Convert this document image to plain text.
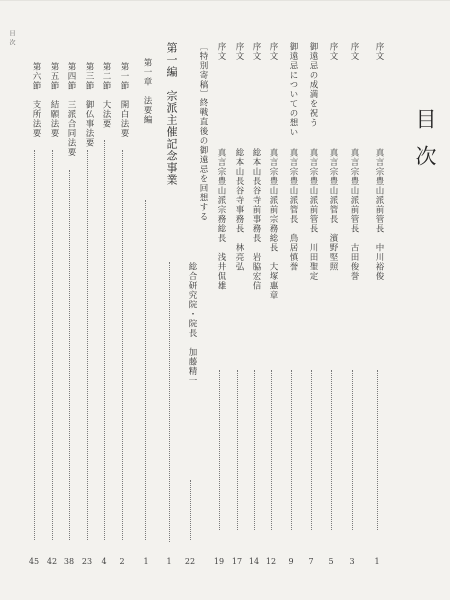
目次
目次
序文
真言宗豊山派前管長　中川裕俊
1
序文
真言宗豊山派前管長　古田俊誉
3
序文
真言宗豊山派管長　濱野堅照
5
御遠忌の成満を祝う
真言宗豊山派前管長　川田聖定
7
御遠忌についての想い
真言宗豊山派管長　鳥居慎誉
9
序文
真言宗豊山派前宗務総長　大塚惠章
12
序文
総本山長谷寺前事務長　岩脇宏信
14
序文
総本山長谷寺事務長　林亮弘
17
序文
真言宗豊山派宗務総長　浅井侃雄
19
〔特別寄稿〕
終戦直後の御遠忌を回想する
総合研究院・院長　加藤精一
22
第一編　宗派主催記念事業
1
第一章　法要編
1
第一節
開白法要
2
第二節
大法要
4
第三節
御仏事法要
23
第四節
三派合同法要
38
第五節
結願法要
42
第六節
支所法要
45
